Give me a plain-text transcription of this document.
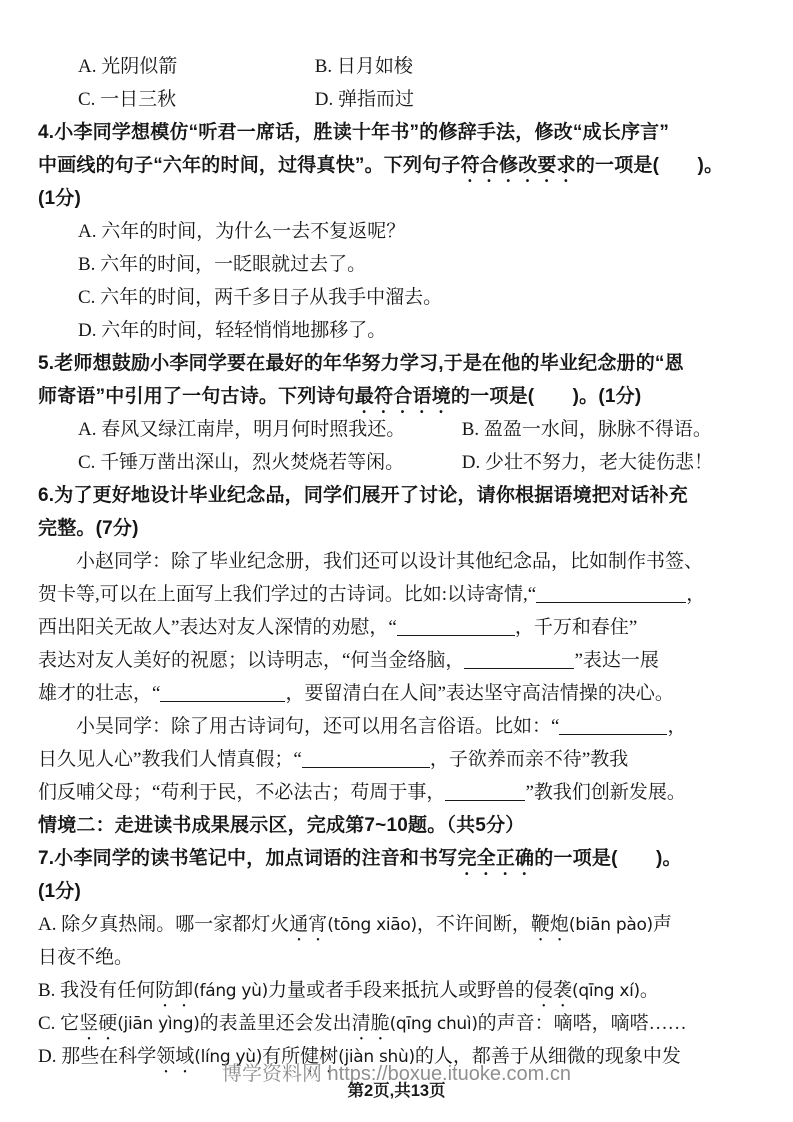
A. 光阴似箭	B. 日月如梭
C. 一日三秋	D. 弹指而过
4.小李同学想模仿“听君一席话，胜读十年书”的修辞手法，修改“成长序言”
中画线的句子“六年的时间，过得真快”。下列句子符合修改要求的一项是(  )。
(1分)
A. 六年的时间，为什么一去不复返呢？
B. 六年的时间，一眨眼就过去了。
C. 六年的时间，两千多日子从我手中溜去。
D. 六年的时间，轻轻悄悄地挪移了。
5.老师想鼓励小李同学要在最好的年华努力学习,于是在他的毕业纪念册的“恩
师寄语”中引用了一句古诗。下列诗句最符合语境的一项是(  )。(1分)
A. 春风又绿江南岸，明月何时照我还。	B. 盈盈一水间，脉脉不得语。
C. 千锤万凿出深山，烈火焚烧若等闲。	D. 少壮不努力，老大徒伤悲！
6.为了更好地设计毕业纪念品，同学们展开了讨论，请你根据语境把对话补充
完整。(7分)
小赵同学：除了毕业纪念册，我们还可以设计其他纪念品，比如制作书签、
贺卡等,可以在上面写上我们学过的古诗词。比如:以诗寄情,“	，
西出阳关无故人”表达对友人深情的劝慰，“	，千万和春住”
表达对友人美好的祝愿；以诗明志，“何当金络脑，	”表达一展
雄才的壮志，“	，要留清白在人间”表达坚守高洁情操的决心。
小吴同学：除了用古诗词句，还可以用名言俗语。比如：“	，
日久见人心”教我们人情真假；“	，子欲养而亲不待”教我
们反哺父母；“苟利于民，不必法古；苟周于事，	”教我们创新发展。
情境二：走进读书成果展示区，完成第7~10题。（共5分）
7.小李同学的读书笔记中，加点词语的注音和书写完全正确的一项是(  )。
(1分)
A. 除夕真热闹。哪一家都灯火通宵(tōng xiāo)，不许间断，鞭炮(biān pào)声
日夜不绝。
B. 我没有任何防卸(fáng yù)力量或者手段来抵抗人或野兽的侵袭(qīng xí)。
C. 它竖硬(jiān yìng)的表盖里还会发出清脆(qīng chuì)的声音：嘀嗒，嘀嗒……
D. 那些在科学领域(líng yù)有所健树(jiàn shù)的人，都善于从细微的现象中发
博学资料网 https://boxue.ituoke.com.cn
第2页,共13页
